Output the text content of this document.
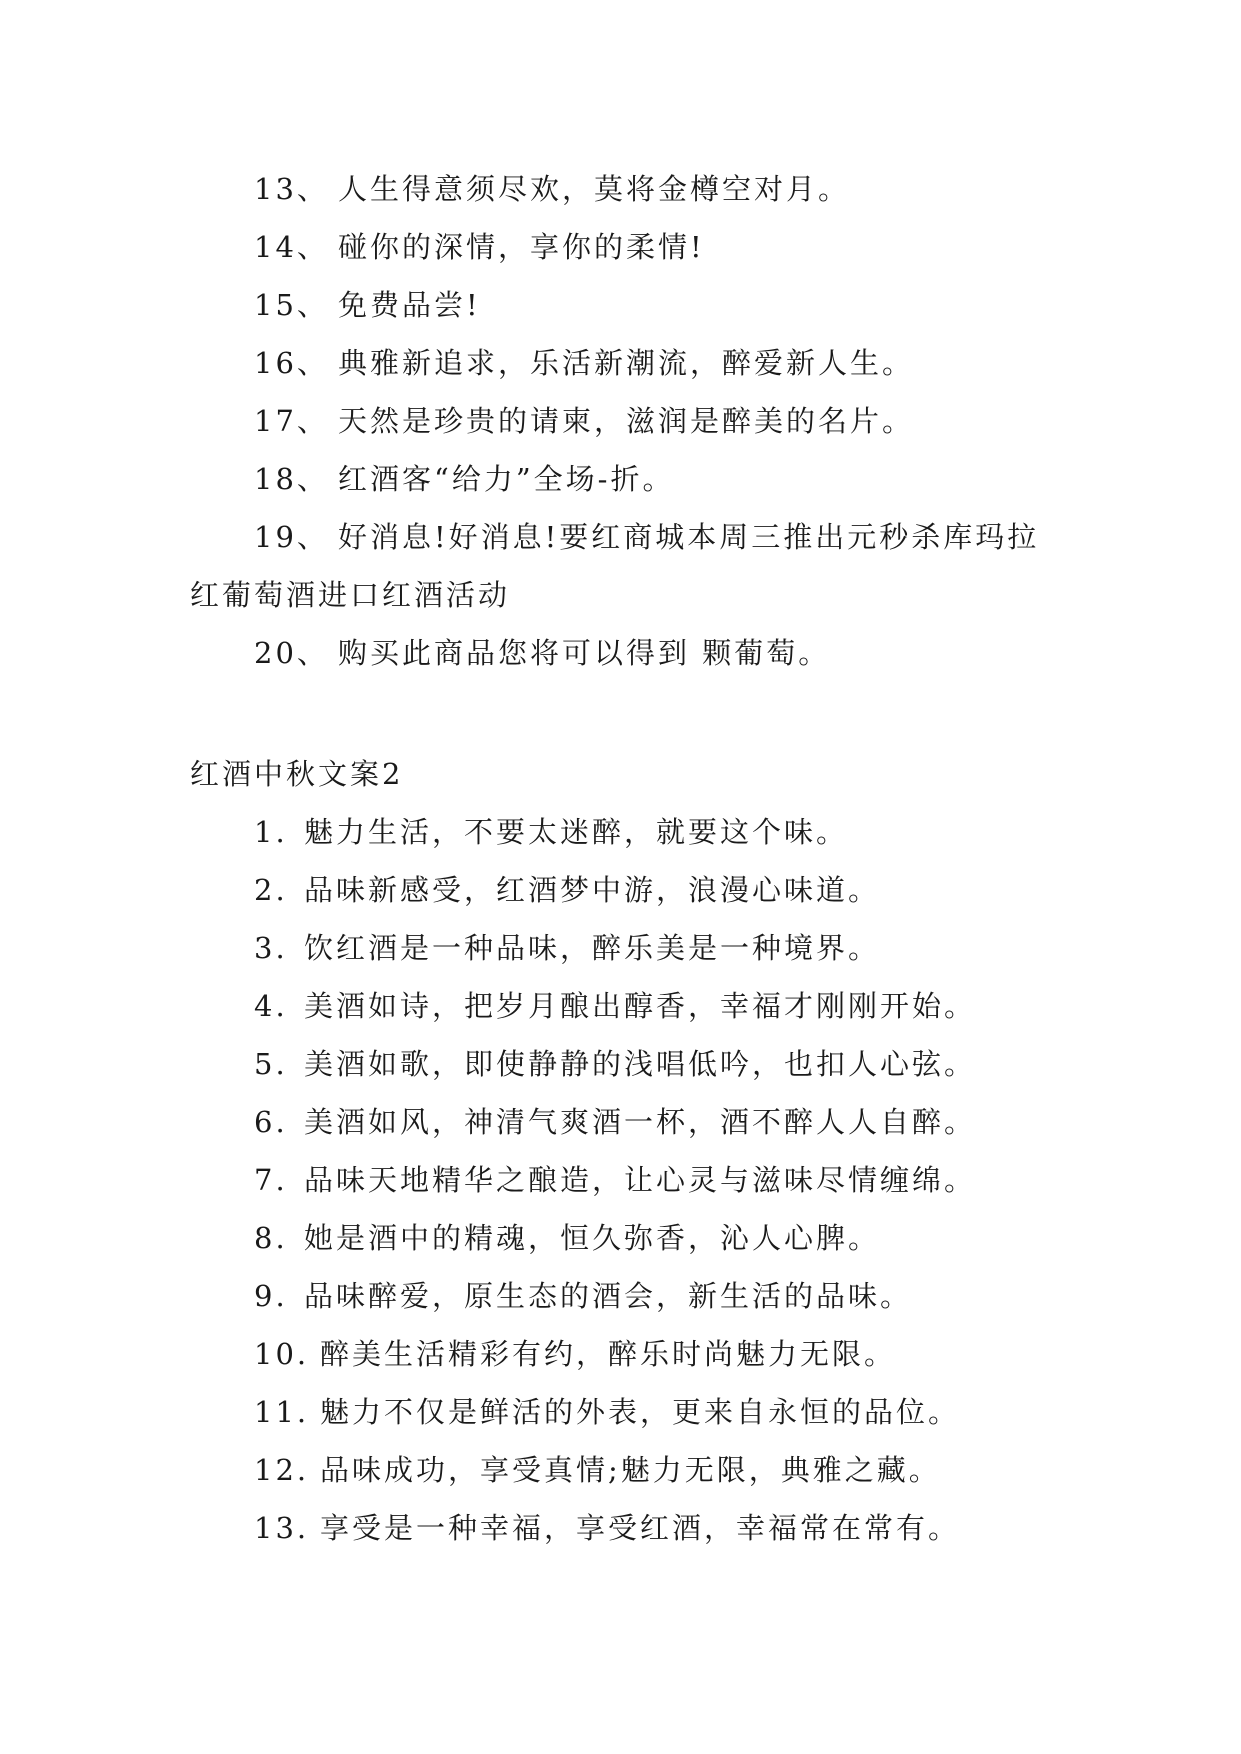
13、 人生得意须尽欢，莫将金樽空对月。
14、 碰你的深情，享你的柔情!
15、 免费品尝!
16、 典雅新追求，乐活新潮流，醉爱新人生。
17、 天然是珍贵的请柬，滋润是醉美的名片。
18、 红酒客“给力”全场-折。
19、 好消息!好消息!要红商城本周三推出元秒杀库玛拉红葡萄酒进口红酒活动
20、 购买此商品您将可以得到 颗葡萄。
红酒中秋文案2
1. 魅力生活，不要太迷醉，就要这个味。
2. 品味新感受，红酒梦中游，浪漫心味道。
3. 饮红酒是一种品味，醉乐美是一种境界。
4. 美酒如诗，把岁月酿出醇香，幸福才刚刚开始。
5. 美酒如歌，即使静静的浅唱低吟，也扣人心弦。
6. 美酒如风，神清气爽酒一杯，酒不醉人人自醉。
7. 品味天地精华之酿造，让心灵与滋味尽情缠绵。
8. 她是酒中的精魂，恒久弥香，沁人心脾。
9. 品味醉爱，原生态的酒会，新生活的品味。
10. 醉美生活精彩有约，醉乐时尚魅力无限。
11. 魅力不仅是鲜活的外表，更来自永恒的品位。
12. 品味成功，享受真情;魅力无限，典雅之藏。
13. 享受是一种幸福，享受红酒，幸福常在常有。
